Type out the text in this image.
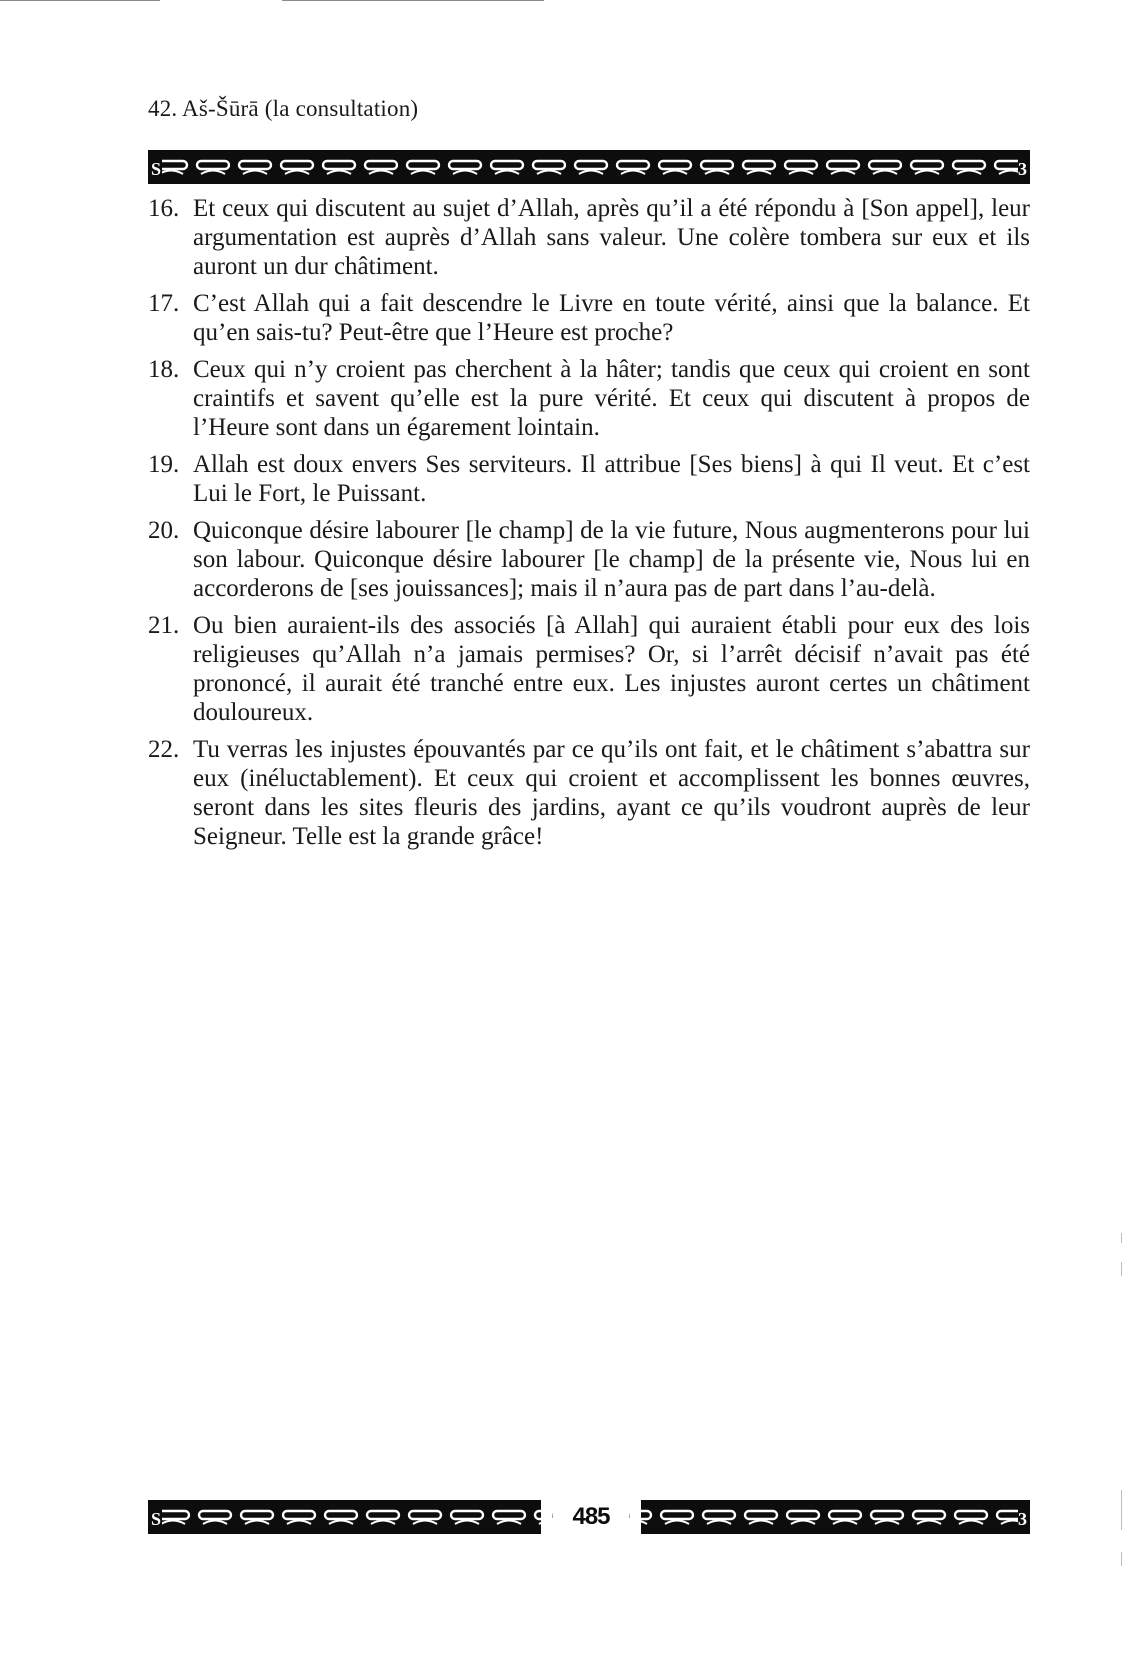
42. Aš-Šūrā (la consultation)
S	3
16. Et ceux qui discutent au sujet d’Allah, après qu’il a été répondu à [Son appel], leur argumentation est auprès d’Allah sans valeur. Une colère tombera sur eux et ils auront un dur châtiment.
17. C’est Allah qui a fait descendre le Livre en toute vérité, ainsi que la balance. Et qu’en sais-tu? Peut-être que l’Heure est proche?
18. Ceux qui n’y croient pas cherchent à la hâter; tandis que ceux qui croient en sont craintifs et savent qu’elle est la pure vérité. Et ceux qui discutent à propos de l’Heure sont dans un égarement lointain.
19. Allah est doux envers Ses serviteurs. Il attribue [Ses biens] à qui Il veut. Et c’est Lui le Fort, le Puissant.
20. Quiconque désire labourer [le champ] de la vie future, Nous augmenterons pour lui son labour. Quiconque désire labourer [le champ] de la présente vie, Nous lui en accorderons de [ses jouissances]; mais il n’aura pas de part dans l’au-delà.
21. Ou bien auraient-ils des associés [à Allah] qui auraient établi pour eux des lois religieuses qu’Allah n’a jamais permises? Or, si l’arrêt décisif n’avait pas été prononcé, il aurait été tranché entre eux. Les injustes auront certes un châtiment douloureux.
22. Tu verras les injustes épouvantés par ce qu’ils ont fait, et le châtiment s’abattra sur eux (inéluctablement). Et ceux qui croient et accomplissent les bonnes œuvres, seront dans les sites fleuris des jardins, ayant ce qu’ils voudront auprès de leur Seigneur. Telle est la grande grâce!
S	3
485
